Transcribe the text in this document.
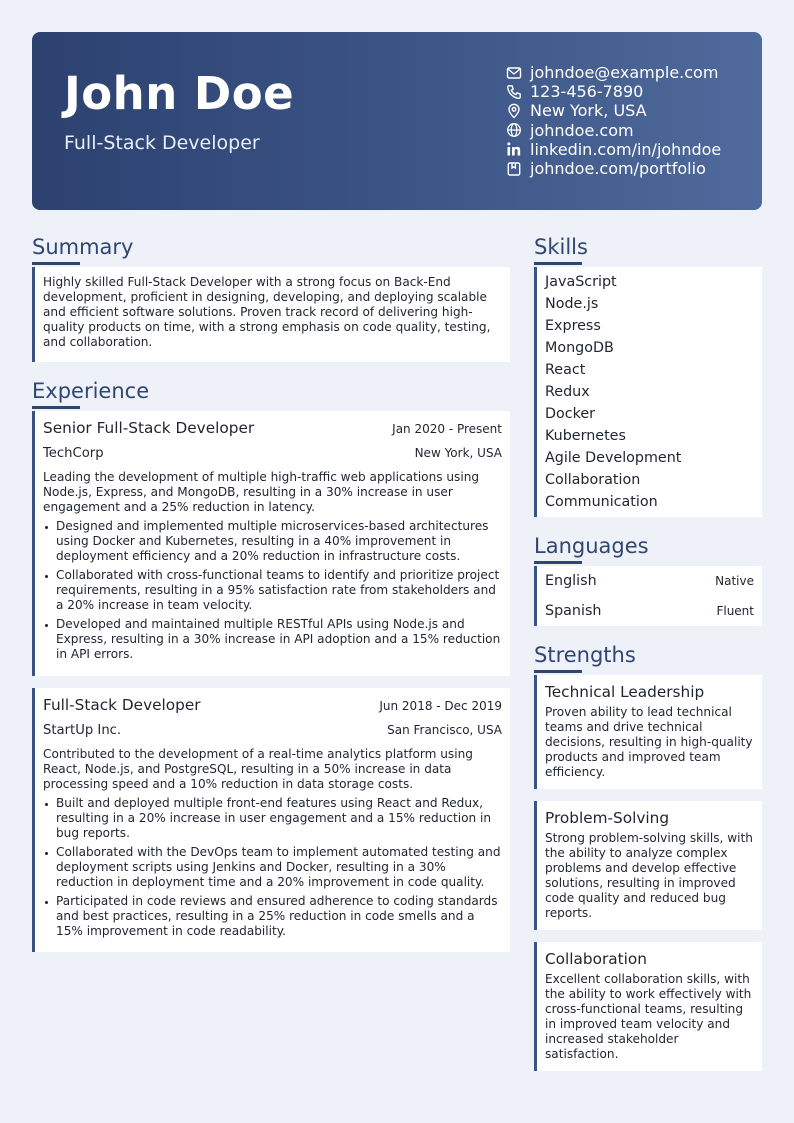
John Doe
Full-Stack Developer
johndoe@example.com
123-456-7890
New York, USA
johndoe.com
linkedin.com/in/johndoe
johndoe.com/portfolio
Summary
Highly skilled Full-Stack Developer with a strong focus on Back-End development, proficient in designing, developing, and deploying scalable and efficient software solutions. Proven track record of delivering high-quality products on time, with a strong emphasis on code quality, testing, and collaboration.
Experience
Senior Full-Stack Developer	Jan 2020 - Present
TechCorp	New York, USA
Leading the development of multiple high-traffic web applications using Node.js, Express, and MongoDB, resulting in a 30% increase in user engagement and a 25% reduction in latency.
Designed and implemented multiple microservices-based architectures using Docker and Kubernetes, resulting in a 40% improvement in deployment efficiency and a 20% reduction in infrastructure costs.
Collaborated with cross-functional teams to identify and prioritize project requirements, resulting in a 95% satisfaction rate from stakeholders and a 20% increase in team velocity.
Developed and maintained multiple RESTful APIs using Node.js and Express, resulting in a 30% increase in API adoption and a 15% reduction in API errors.
Full-Stack Developer	Jun 2018 - Dec 2019
StartUp Inc.	San Francisco, USA
Contributed to the development of a real-time analytics platform using React, Node.js, and PostgreSQL, resulting in a 50% increase in data processing speed and a 10% reduction in data storage costs.
Built and deployed multiple front-end features using React and Redux, resulting in a 20% increase in user engagement and a 15% reduction in bug reports.
Collaborated with the DevOps team to implement automated testing and deployment scripts using Jenkins and Docker, resulting in a 30% reduction in deployment time and a 20% improvement in code quality.
Participated in code reviews and ensured adherence to coding standards and best practices, resulting in a 25% reduction in code smells and a 15% improvement in code readability.
Skills
JavaScript
Node.js
Express
MongoDB
React
Redux
Docker
Kubernetes
Agile Development
Collaboration
Communication
Languages
English	Native
Spanish	Fluent
Strengths
Technical Leadership
Proven ability to lead technical teams and drive technical decisions, resulting in high-quality products and improved team efficiency.
Problem-Solving
Strong problem-solving skills, with the ability to analyze complex problems and develop effective solutions, resulting in improved code quality and reduced bug reports.
Collaboration
Excellent collaboration skills, with the ability to work effectively with cross-functional teams, resulting in improved team velocity and increased stakeholder satisfaction.
